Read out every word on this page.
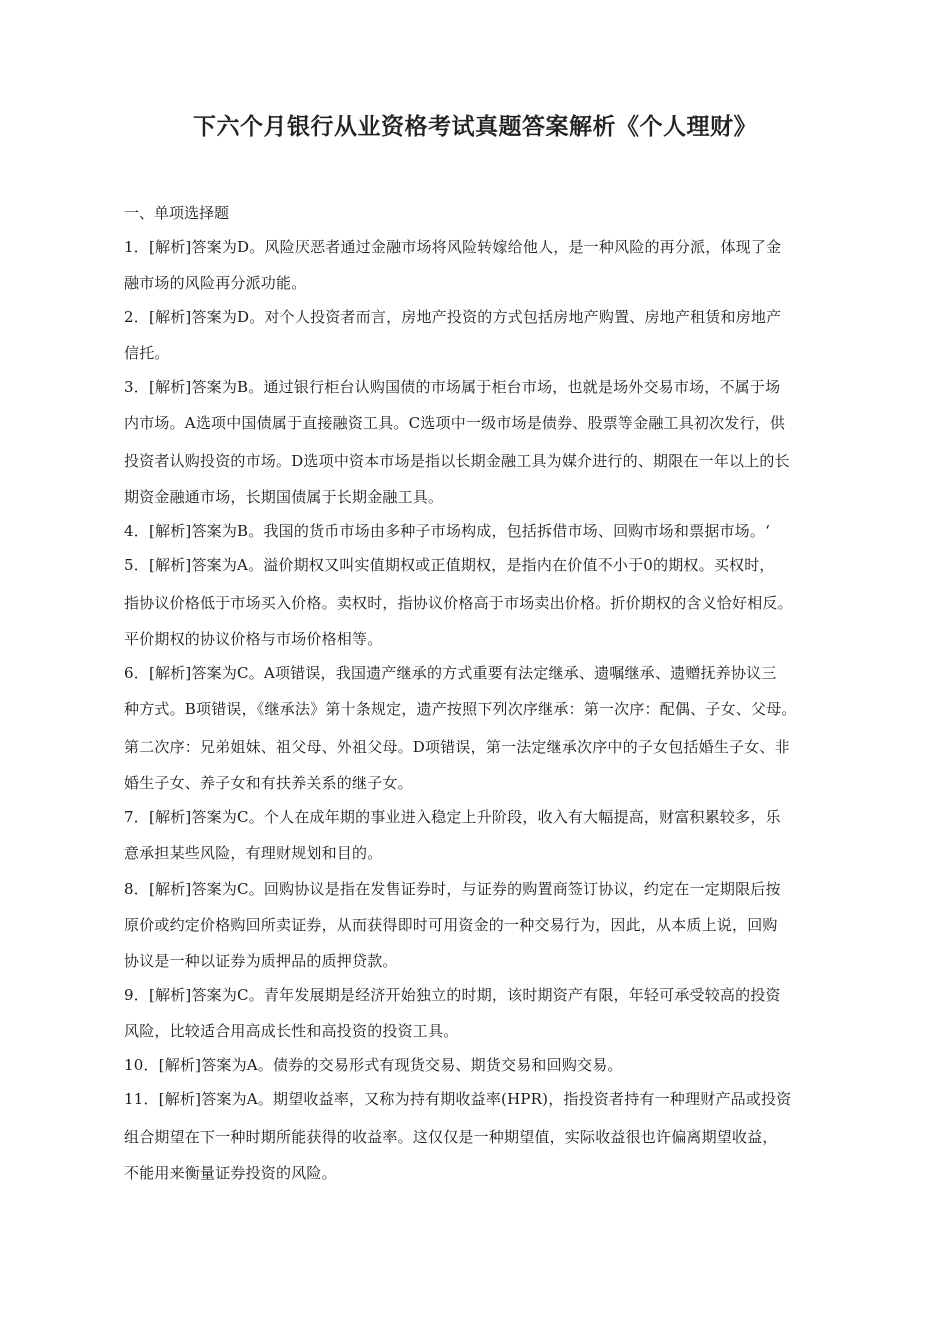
下六个月银行从业资格考试真题答案解析《个人理财》
一、单项选择题
1．[解析]答案为D。风险厌恶者通过金融市场将风险转嫁给他人，是一种风险的再分派，体现了金
融市场的风险再分派功能。
2．[解析]答案为D。对个人投资者而言，房地产投资的方式包括房地产购置、房地产租赁和房地产
信托。
3．[解析]答案为B。通过银行柜台认购国债的市场属于柜台市场，也就是场外交易市场，不属于场
内市场。A选项中国债属于直接融资工具。C选项中一级市场是债券、股票等金融工具初次发行，供
投资者认购投资的市场。D选项中资本市场是指以长期金融工具为媒介进行的、期限在一年以上的长
期资金融通市场，长期国债属于长期金融工具。
4．[解析]答案为B。我国的货币市场由多种子市场构成，包括拆借市场、回购市场和票据市场。‘
5．[解析]答案为A。溢价期权又叫实值期权或正值期权，是指内在价值不小于0的期权。买权时，
指协议价格低于市场买入价格。卖权时，指协议价格高于市场卖出价格。折价期权的含义恰好相反。
平价期权的协议价格与市场价格相等。
6．[解析]答案为C。A项错误，我国遗产继承的方式重要有法定继承、遗嘱继承、遗赠抚养协议三
种方式。B项错误，《继承法》第十条规定，遗产按照下列次序继承：第一次序：配偶、子女、父母。
第二次序：兄弟姐妹、祖父母、外祖父母。D项错误，第一法定继承次序中的子女包括婚生子女、非
婚生子女、养子女和有扶养关系的继子女。
7．[解析]答案为C。个人在成年期的事业进入稳定上升阶段，收入有大幅提高，财富积累较多，乐
意承担某些风险，有理财规划和目的。
8．[解析]答案为C。回购协议是指在发售证券时，与证券的购置商签订协议，约定在一定期限后按
原价或约定价格购回所卖证券，从而获得即时可用资金的一种交易行为，因此，从本质上说，回购
协议是一种以证券为质押品的质押贷款。
9．[解析]答案为C。青年发展期是经济开始独立的时期，该时期资产有限，年轻可承受较高的投资
风险，比较适合用高成长性和高投资的投资工具。
10．[解析]答案为A。债券的交易形式有现货交易、期货交易和回购交易。
11．[解析]答案为A。期望收益率，又称为持有期收益率(HPR)，指投资者持有一种理财产品或投资
组合期望在下一种时期所能获得的收益率。这仅仅是一种期望值，实际收益很也许偏离期望收益，
不能用来衡量证券投资的风险。
